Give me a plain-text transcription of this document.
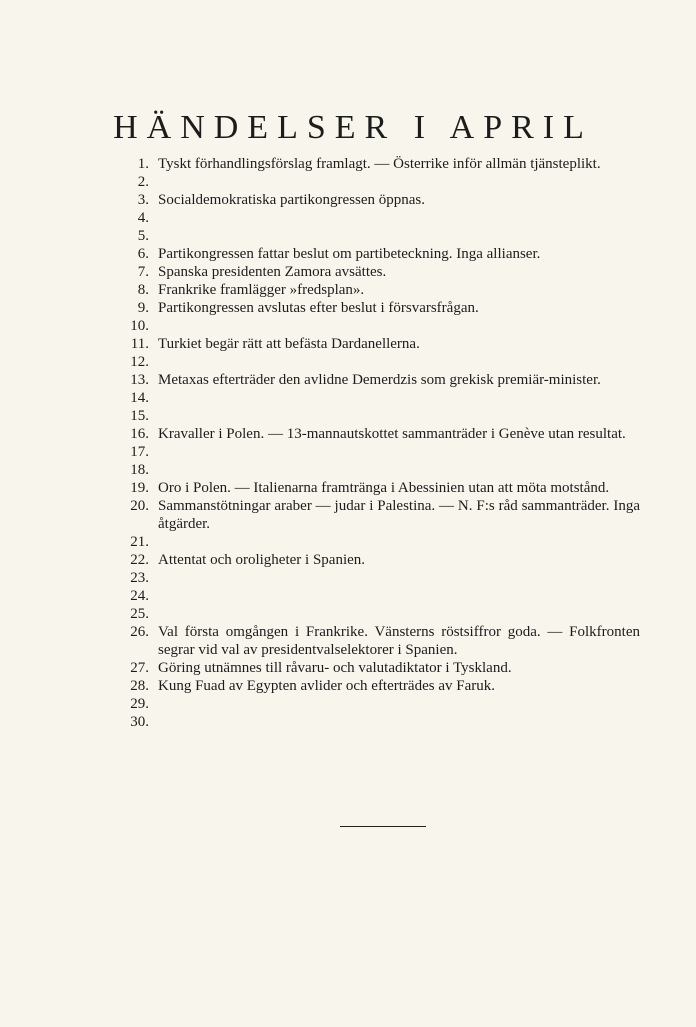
HÄNDELSER I APRIL
1. Tyskt förhandlingsförslag framlagt. — Österrike inför allmän tjänsteplikt.
2.
3. Socialdemokratiska partikongressen öppnas.
4.
5.
6. Partikongressen fattar beslut om partibeteckning. Inga allianser.
7. Spanska presidenten Zamora avsättes.
8. Frankrike framlägger »fredsplan».
9. Partikongressen avslutas efter beslut i försvarsfrågan.
10.
11. Turkiet begär rätt att befästa Dardanellerna.
12.
13. Metaxas efterträder den avlidne Demerdzis som grekisk premiär-minister.
14.
15.
16. Kravaller i Polen. — 13-mannautskottet sammanträder i Genève utan resultat.
17.
18.
19. Oro i Polen. — Italienarna framtränga i Abessinien utan att möta motstånd.
20. Sammanstötningar araber — judar i Palestina. — N. F:s råd sammanträder. Inga åtgärder.
21.
22. Attentat och oroligheter i Spanien.
23.
24.
25.
26. Val första omgången i Frankrike. Vänsterns röstsiffror goda. — Folkfronten segrar vid val av presidentvalselektorer i Spanien.
27. Göring utnämnes till råvaru- och valutadiktator i Tyskland.
28. Kung Fuad av Egypten avlider och efterträdes av Faruk.
29.
30.
